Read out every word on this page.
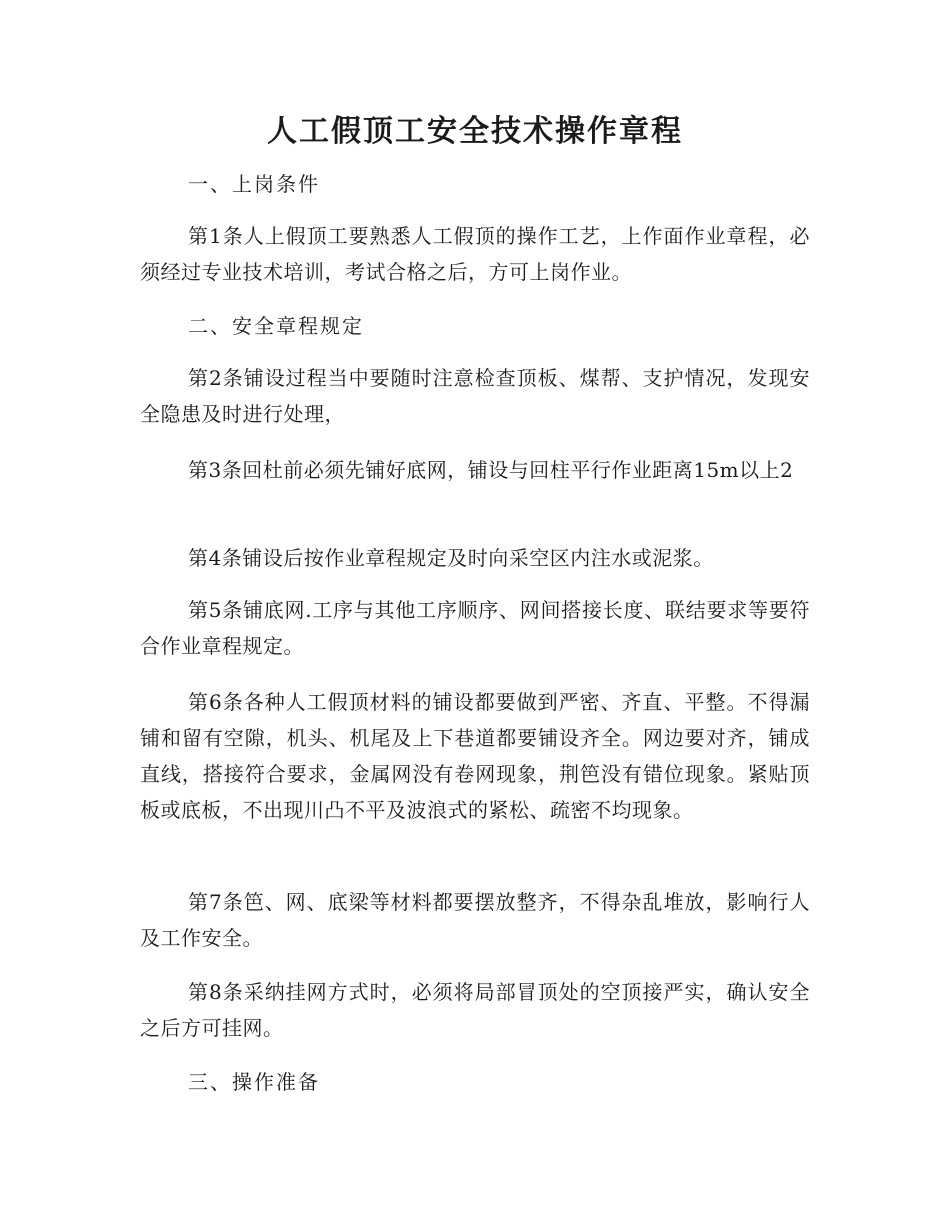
人工假顶工安全技术操作章程

一、上岗条件

第1条人上假顶工要熟悉人工假顶的操作工艺，上作面作业章程，必须经过专业技术培训，考试合格之后，方可上岗作业。

二、安全章程规定

第2条铺设过程当中要随时注意检查顶板、煤帮、支护情况，发现安全隐患及时进行处理，

第3条回杜前必须先铺好底网，铺设与回柱平行作业距离15m以上2

第4条铺设后按作业章程规定及时向采空区内注水或泥浆。

第5条铺底网.工序与其他工序顺序、网间搭接长度、联结要求等要符合作业章程规定。

第6条各种人工假顶材料的铺设都要做到严密、齐直、平整。不得漏铺和留有空隙，机头、机尾及上下巷道都要铺设齐全。网边要对齐，铺成直线，搭接符合要求，金属网没有卷网现象，荆笆没有错位现象。紧贴顶板或底板，不出现川凸不平及波浪式的紧松、疏密不均现象。

第7条笆、网、底梁等材料都要摆放整齐，不得杂乱堆放，影响行人及工作安全。

第8条采纳挂网方式时，必须将局部冒顶处的空顶接严实，确认安全之后方可挂网。

三、操作准备
